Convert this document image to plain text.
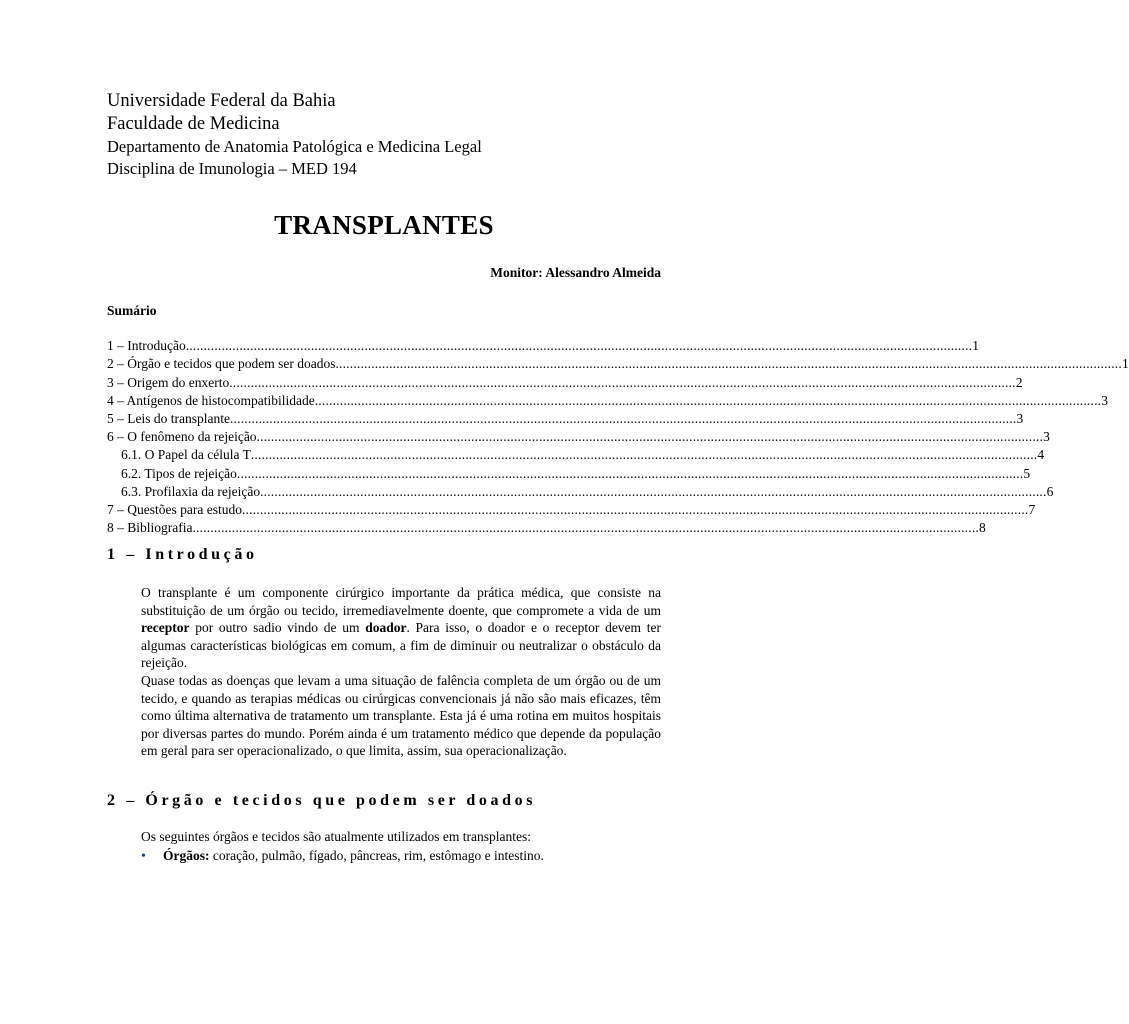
Universidade Federal da Bahia
Faculdade de Medicina
Departamento de Anatomia Patológica e Medicina Legal
Disciplina de Imunologia – MED 194
TRANSPLANTES
Monitor: Alessandro Almeida
Sumário
1 – Introdução ............................................................................................................................................................................................................................ 1
2 – Órgão e tecidos que podem ser doados ............................................................................................................................................................................................................................ 1
3 – Origem do enxerto ............................................................................................................................................................................................................................ 2
4 – Antígenos de histocompatibilidade ............................................................................................................................................................................................................................ 3
5 – Leis do transplante ............................................................................................................................................................................................................................ 3
6 – O fenômeno da rejeição ............................................................................................................................................................................................................................ 3
6.1. O Papel da célula T ............................................................................................................................................................................................................................ 4
6.2. Tipos de rejeição ............................................................................................................................................................................................................................ 5
6.3. Profilaxia da rejeição ............................................................................................................................................................................................................................ 6
7 – Questões para estudo ............................................................................................................................................................................................................................ 7
8 – Bibliografia ............................................................................................................................................................................................................................ 8
1 – Introdução

O transplante é um componente cirúrgico importante da prática médica, que consiste na substituição de um órgão ou tecido, irremediavelmente doente, que compromete a vida de um receptor por outro sadio vindo de um doador. Para isso, o doador e o receptor devem ter algumas características biológicas em comum, a fim de diminuir ou neutralizar o obstáculo da rejeição.

Quase todas as doenças que levam a uma situação de falência completa de um órgão ou de um tecido, e quando as terapias médicas ou cirúrgicas convencionais já não são mais eficazes, têm como última alternativa de tratamento um transplante. Esta já é uma rotina em muitos hospitais por diversas partes do mundo. Porém ainda é um tratamento médico que depende da população em geral para ser operacionalizado, o que limita, assim, sua operacionalização.

2 – Órgão e tecidos que podem ser doados
Os seguintes órgãos e tecidos são atualmente utilizados em transplantes:
• Órgãos: coração, pulmão, fígado, pâncreas, rim, estômago e intestino.
